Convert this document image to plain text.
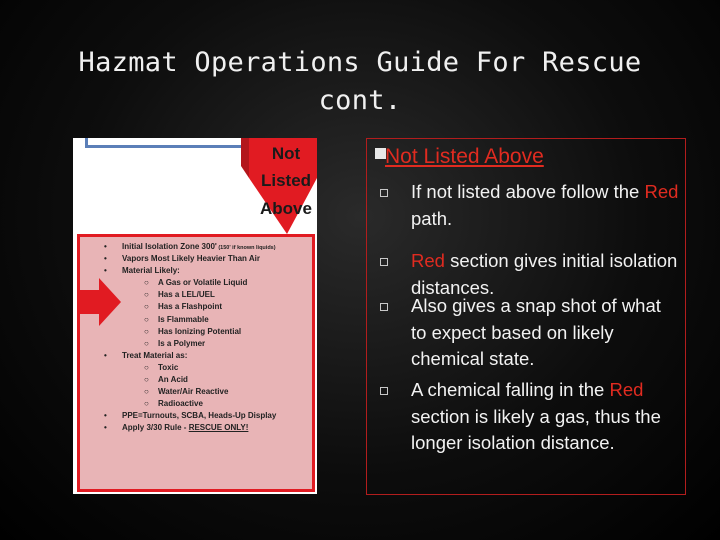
Hazmat Operations Guide For Rescue
cont.
Not
Listed
Above
• Initial Isolation Zone 300' (150' if known liquids)
• Vapors Most Likely Heavier Than Air
• Material Likely:
○ A Gas or Volatile Liquid
○ Has a LEL/UEL
○ Has a Flashpoint
○ Is Flammable
○ Has Ionizing Potential
○ Is a Polymer
• Treat Material as:
○ Toxic
○ An Acid
○ Water/Air Reactive
○ Radioactive
• PPE=Turnouts, SCBA, Heads-Up Display
• Apply 3/30 Rule - RESCUE ONLY!
Not Listed Above
If not listed above follow the Red path.
Red section gives initial isolation distances.
Also gives a snap shot of what to expect based on likely chemical state.
A chemical falling in the Red section is likely a gas, thus the longer isolation distance.
